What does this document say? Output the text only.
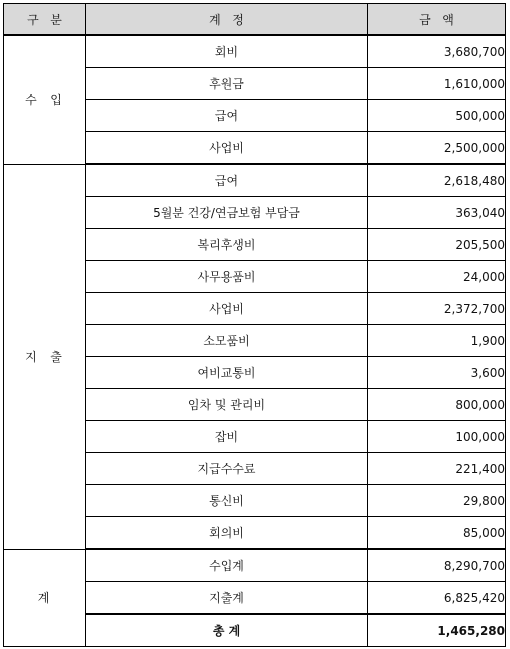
구   분	계   정	금   액
수  입	회비	3,680,700
	후원금	1,610,000
	급여	500,000
	사업비	2,500,000
지  출	급여	2,618,480
	5월분 건강/연금보험 부담금	363,040
	복리후생비	205,500
	사무용품비	24,000
	사업비	2,372,700
	소모품비	1,900
	여비교통비	3,600
	임차 및 관리비	800,000
	잡비	100,000
	지급수수료	221,400
	통신비	29,800
	회의비	85,000
계	수입계	8,290,700
	지출계	6,825,420
	총 계	1,465,280
